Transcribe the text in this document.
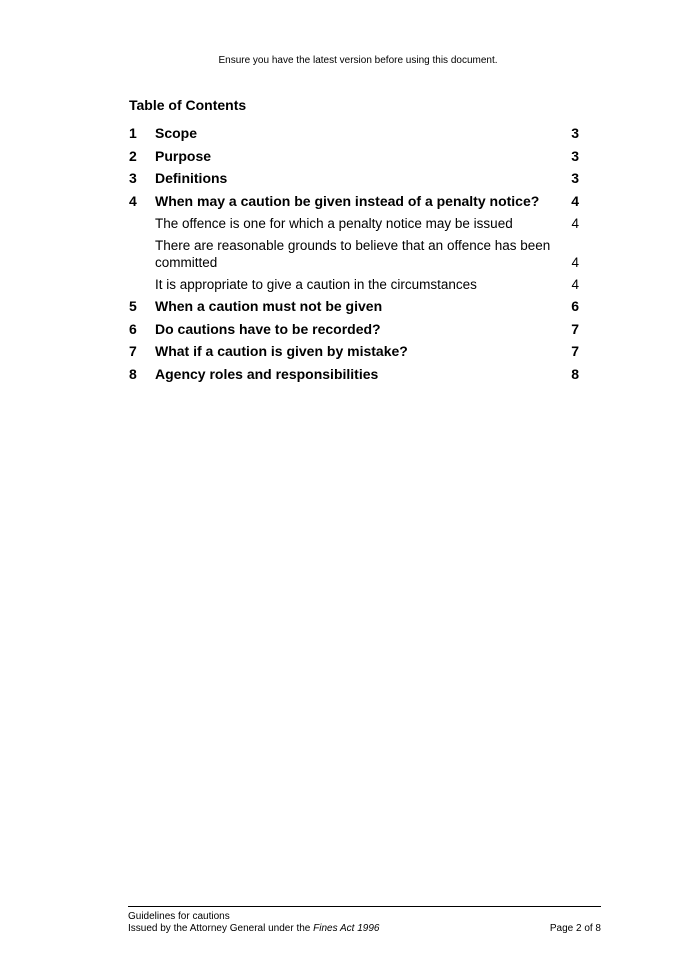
Ensure you have the latest version before using this document.
Table of Contents
1	Scope	3
2	Purpose	3
3	Definitions	3
4	When may a caution be given instead of a penalty notice?	4
The offence is one for which a penalty notice may be issued	4
There are reasonable grounds to believe that an offence has been committed	4
It is appropriate to give a caution in the circumstances	4
5	When a caution must not be given	6
6	Do cautions have to be recorded?	7
7	What if a caution is given by mistake?	7
8	Agency roles and responsibilities	8
Guidelines for cautions
Issued by the Attorney General under the Fines Act 1996	Page 2 of 8
